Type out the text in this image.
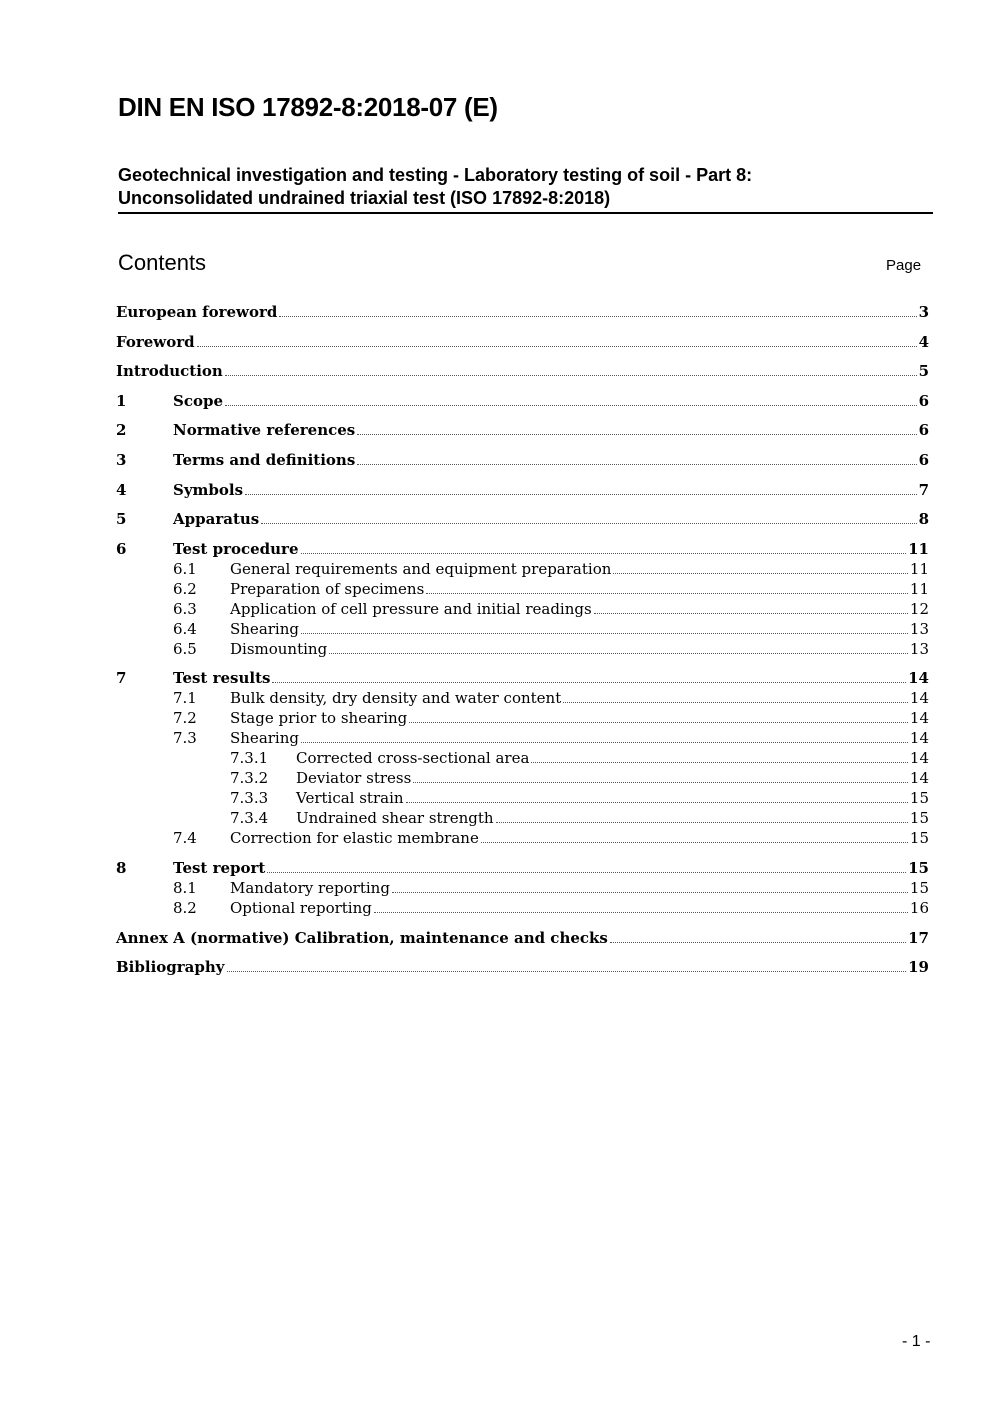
DIN EN ISO 17892-8:2018-07 (E)
Geotechnical investigation and testing - Laboratory testing of soil - Part 8:
Unconsolidated undrained triaxial test (ISO 17892-8:2018)
Contents	Page
European foreword	3
Foreword	4
Introduction	5
1	Scope	6
2	Normative references	6
3	Terms and definitions	6
4	Symbols	7
5	Apparatus	8
6	Test procedure	11
6.1 General requirements and equipment preparation	11
6.2 Preparation of specimens	11
6.3 Application of cell pressure and initial readings	12
6.4 Shearing	13
6.5 Dismounting	13
7	Test results	14
7.1 Bulk density, dry density and water content	14
7.2 Stage prior to shearing	14
7.3 Shearing	14
7.3.1 Corrected cross-sectional area	14
7.3.2 Deviator stress	14
7.3.3 Vertical strain	15
7.3.4 Undrained shear strength	15
7.4 Correction for elastic membrane	15
8	Test report	15
8.1 Mandatory reporting	15
8.2 Optional reporting	16
Annex A (normative) Calibration, maintenance and checks	17
Bibliography	19
- 1 -
